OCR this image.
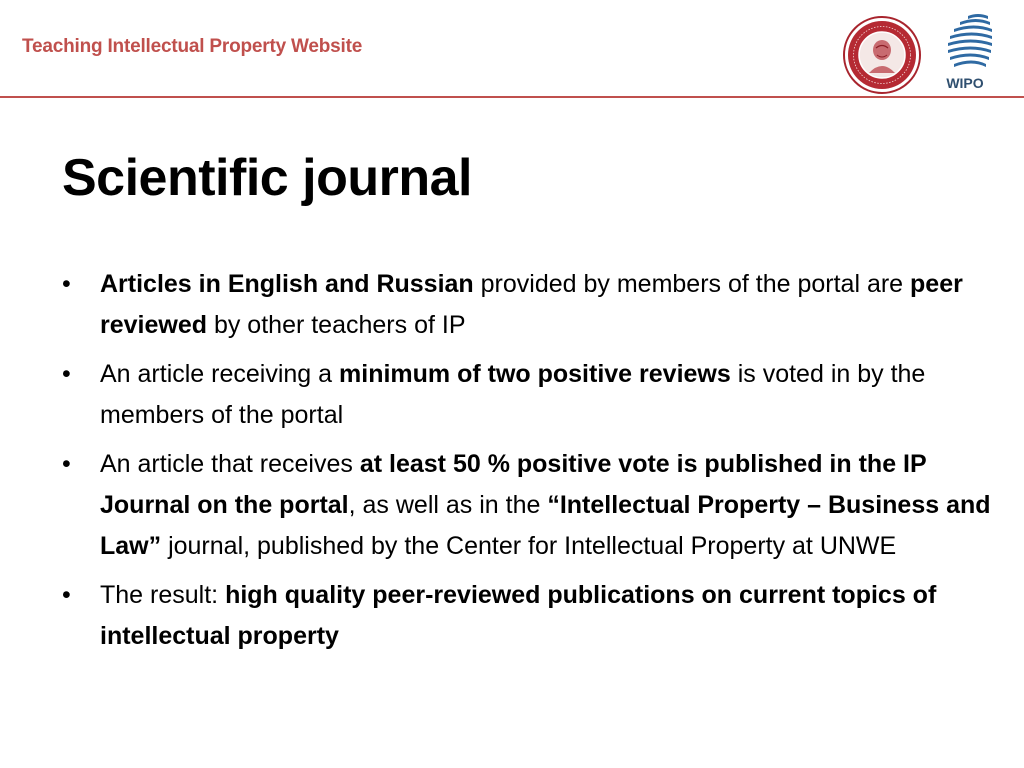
Teaching Intellectual Property Website
WIPO
Scientific journal
• Articles in English and Russian provided by members of the portal are peer reviewed by other teachers of IP
• An article receiving a minimum of two positive reviews is voted in by the members of the portal
• An article that receives at least 50 % positive vote is published in the IP Journal on the portal, as well as in the “Intellectual Property – Business and Law” journal, published by the Center for Intellectual Property at UNWE
• The result: high quality peer-reviewed publications on current topics of intellectual property
